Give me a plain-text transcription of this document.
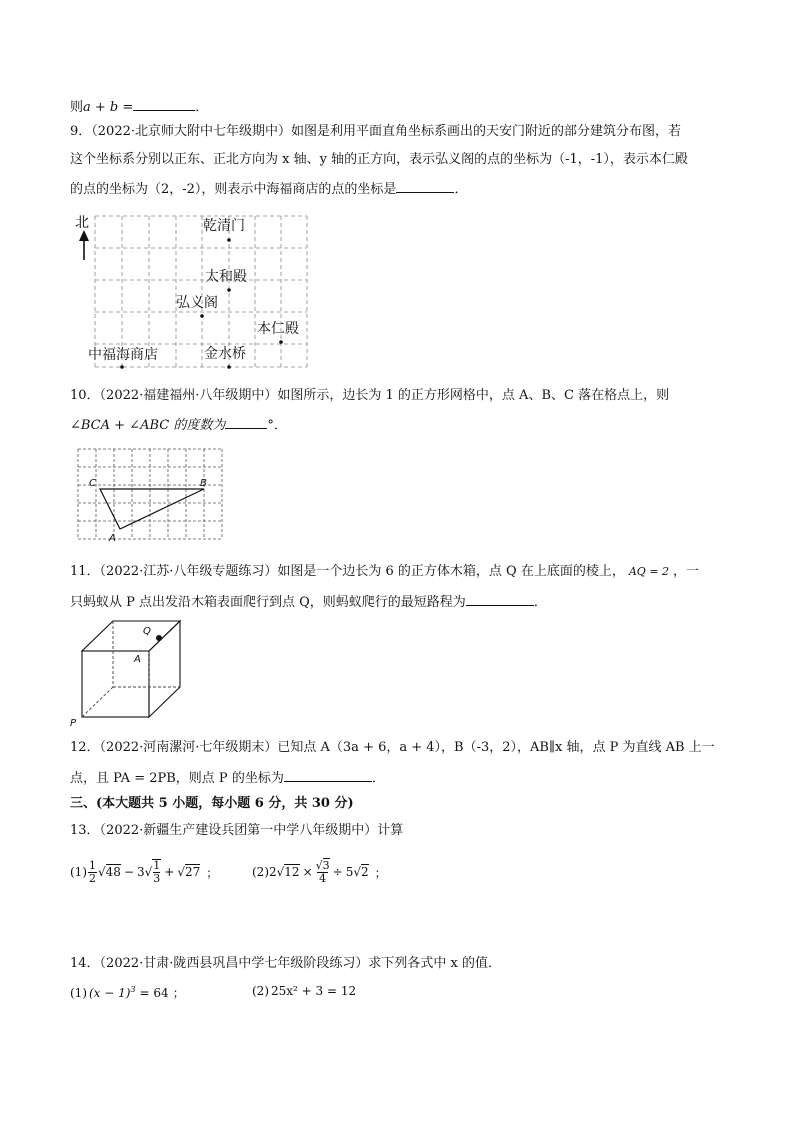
则a + b =	．
9．（2022·北京师大附中七年级期中）如图是利用平面直角坐标系画出的天安门附近的部分建筑分布图，若
这个坐标系分别以正东、正北方向为 x 轴、y 轴的正方向，表示弘义阁的点的坐标为（-1，-1），表示本仁殿
的点的坐标为（2，-2），则表示中海福商店的点的坐标是	．
北	乾清门
太和殿
弘义阁
本仁殿
中福海商店	金水桥
10．（2022·福建福州·八年级期中）如图所示，边长为 1 的正方形网格中，点 A、B、C 落在格点上，则
∠BCA + ∠ABC 的度数为	°．
C	B
A
11．（2022·江苏·八年级专题练习）如图是一个边长为 6 的正方体木箱，点 Q 在上底面的棱上， AQ = 2 ，一
只蚂蚁从 P 点出发沿木箱表面爬行到点 Q，则蚂蚁爬行的最短路程为	．
Q
A
P
12．（2022·河南漯河·七年级期末）已知点 A（3a + 6，a + 4），B（-3，2），AB∥x 轴，点 P 为直线 AB 上一
点，且 PA = 2PB，则点 P 的坐标为	．
三、(本大题共 5 小题，每小题 6 分，共 30 分)
13．（2022·新疆生产建设兵团第一中学八年级期中）计算
(1) 1
2 √48 − 3 √ 1
3 + √27 ；	(2) 2 $√12 \times \frac{√3}{4} \div 5$ √2 ；
14．（2022·甘肃·陇西县巩昌中学七年级阶段练习）求下列各式中 x 的值．
(1) $(x - 1)^3 = 64$ ；	(2) 25x² + 3 = 12
